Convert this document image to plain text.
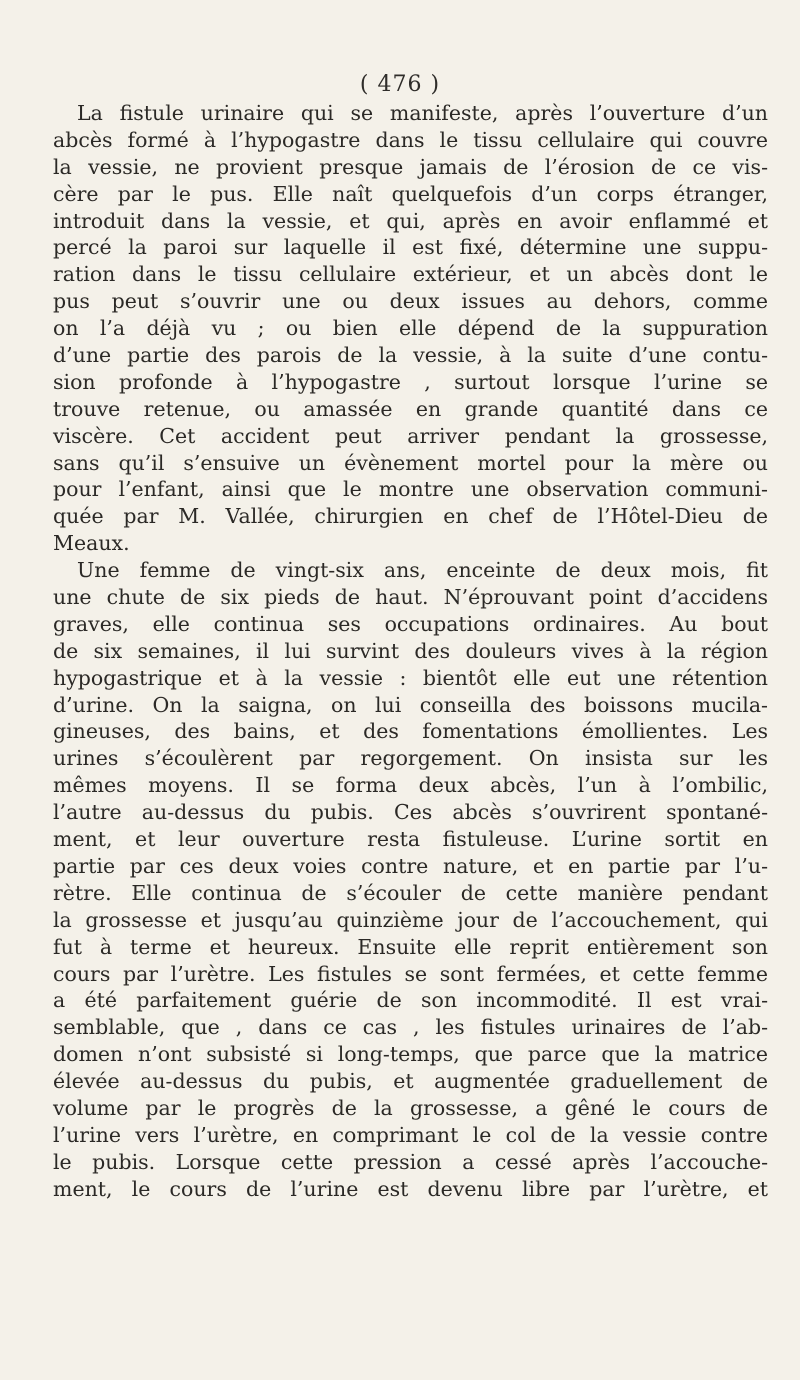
( 476 )
La fistule urinaire qui se manifeste, après l’ouverture d’un
abcès formé à l’hypogastre dans le tissu cellulaire qui couvre
la vessie, ne provient presque jamais de l’érosion de ce vis-
cère par le pus. Elle naît quelquefois d’un corps étranger,
introduit dans la vessie, et qui, après en avoir enflammé et
percé la paroi sur laquelle il est fixé, détermine une suppu-
ration dans le tissu cellulaire extérieur, et un abcès dont le
pus peut s’ouvrir une ou deux issues au dehors, comme
on l’a déjà vu ; ou bien elle dépend de la suppuration
d’une partie des parois de la vessie, à la suite d’une contu-
sion profonde à l’hypogastre , surtout lorsque l’urine se
trouve retenue, ou amassée en grande quantité dans ce
viscère. Cet accident peut arriver pendant la grossesse,
sans qu’il s’ensuive un évènement mortel pour la mère ou
pour l’enfant, ainsi que le montre une observation communi-
quée par M. Vallée, chirurgien en chef de l’Hôtel-Dieu de
Meaux.
Une femme de vingt-six ans, enceinte de deux mois, fit
une chute de six pieds de haut. N’éprouvant point d’accidens
graves, elle continua ses occupations ordinaires. Au bout
de six semaines, il lui survint des douleurs vives à la région
hypogastrique et à la vessie : bientôt elle eut une rétention
d’urine. On la saigna, on lui conseilla des boissons mucila-
gineuses, des bains, et des fomentations émollientes. Les
urines s’écoulèrent par regorgement. On insista sur les
mêmes moyens. Il se forma deux abcès, l’un à l’ombilic,
l’autre au-dessus du pubis. Ces abcès s’ouvrirent spontané-
ment, et leur ouverture resta fistuleuse. L’urine sortit en
partie par ces deux voies contre nature, et en partie par l’u-
rètre. Elle continua de s’écouler de cette manière pendant
la grossesse et jusqu’au quinzième jour de l’accouchement, qui
fut à terme et heureux. Ensuite elle reprit entièrement son
cours par l’urètre. Les fistules se sont fermées, et cette femme
a été parfaitement guérie de son incommodité. Il est vrai-
semblable, que , dans ce cas , les fistules urinaires de l’ab-
domen n’ont subsisté si long-temps, que parce que la matrice
élevée au-dessus du pubis, et augmentée graduellement de
volume par le progrès de la grossesse, a gêné le cours de
l’urine vers l’urètre, en comprimant le col de la vessie contre
le pubis. Lorsque cette pression a cessé après l’accouche-
ment, le cours de l’urine est devenu libre par l’urètre, et
